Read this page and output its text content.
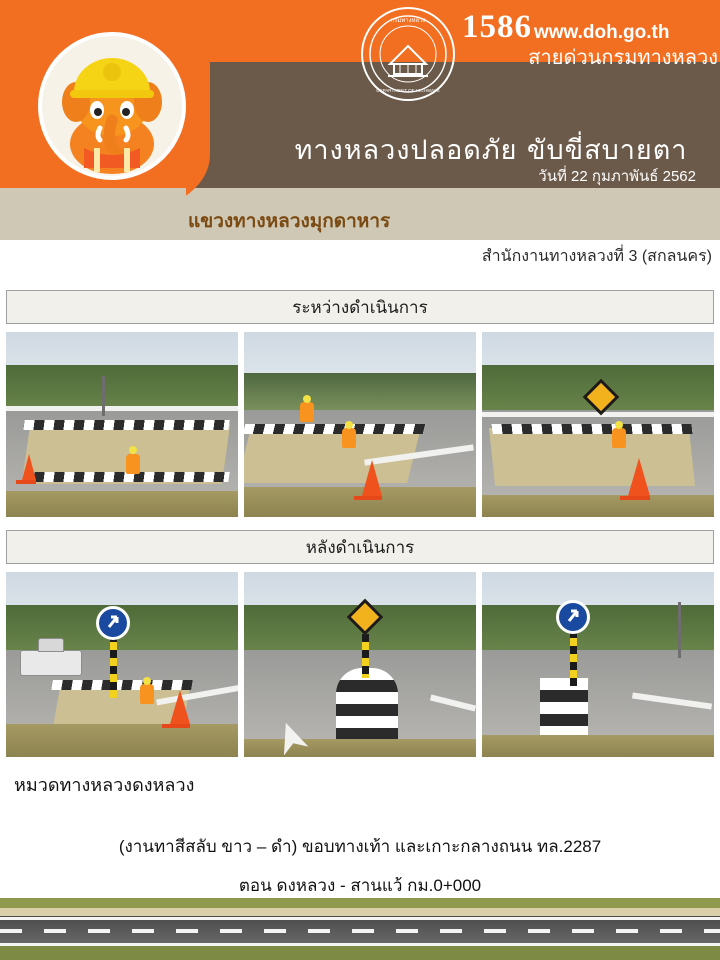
กรมทางหลวง
DEPARTMENT OF HIGHWAYS
1586 www.doh.go.th
สายด่วนกรมทางหลวง
ทางหลวงปลอดภัย ขับขี่สบายตา
วันที่ 22 กุมภาพันธ์ 2562
แขวงทางหลวงมุกดาหาร
สำนักงานทางหลวงที่ 3 (สกลนคร)
ระหว่างดำเนินการ
หลังดำเนินการ
หมวดทางหลวงดงหลวง
(งานทาสีสลับ ขาว – ดำ) ขอบทางเท้า และเกาะกลางถนน ทล.2287
ตอน ดงหลวง - สานแว้ กม.0+000
